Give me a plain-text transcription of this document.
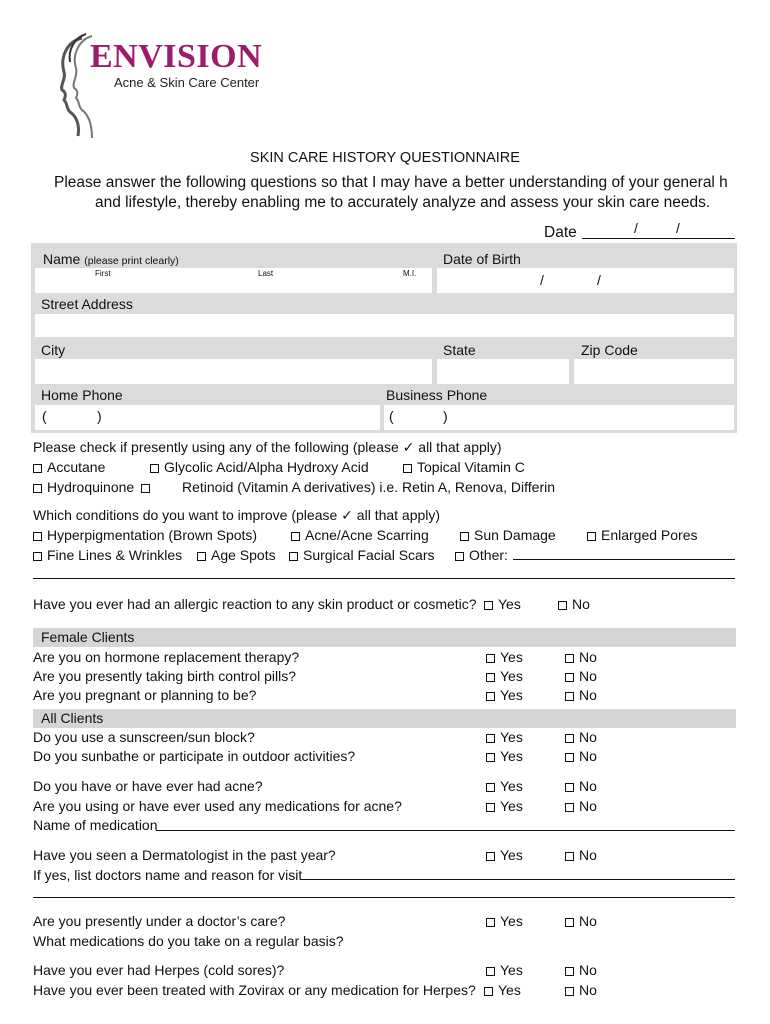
ENVISION
Acne & Skin Care Center
SKIN CARE HISTORY QUESTIONNAIRE
Please answer the following questions so that I may have a better understanding of your general h
and lifestyle, thereby enabling me to accurately analyze and assess your skin care needs.
Date	/	/
Name (please print clearly)	Date of Birth
First	Last	M.I.	/	/
Street Address
City	State	Zip Code
Home Phone	Business Phone
(	)	(	)
Please check if presently using any of the following (please ✓ all that apply)
Accutane	Glycolic Acid/Alpha Hydroxy Acid	Topical Vitamin C
Hydroquinone	Retinoid (Vitamin A derivatives) i.e. Retin A, Renova, Differin
Which conditions do you want to improve (please ✓ all that apply)
Hyperpigmentation (Brown Spots)	Acne/Acne Scarring	Sun Damage	Enlarged Pores
Fine Lines & Wrinkles	Age Spots	Surgical Facial Scars	Other:
Have you ever had an allergic reaction to any skin product or cosmetic?	Yes	No
Female Clients
Are you on hormone replacement therapy?	Yes	No
Are you presently taking birth control pills?	Yes	No
Are you pregnant or planning to be?	Yes	No
All Clients
Do you use a sunscreen/sun block?	Yes	No
Do you sunbathe or participate in outdoor activities?	Yes	No
Do you have or have ever had acne?	Yes	No
Are you using or have ever used any medications for acne?	Yes	No
Name of medication
Have you seen a Dermatologist in the past year?	Yes	No
If yes, list doctors name and reason for visit
Are you presently under a doctor’s care?	Yes	No
What medications do you take on a regular basis?
Have you ever had Herpes (cold sores)?	Yes	No
Have you ever been treated with Zovirax or any medication for Herpes?	Yes	No
